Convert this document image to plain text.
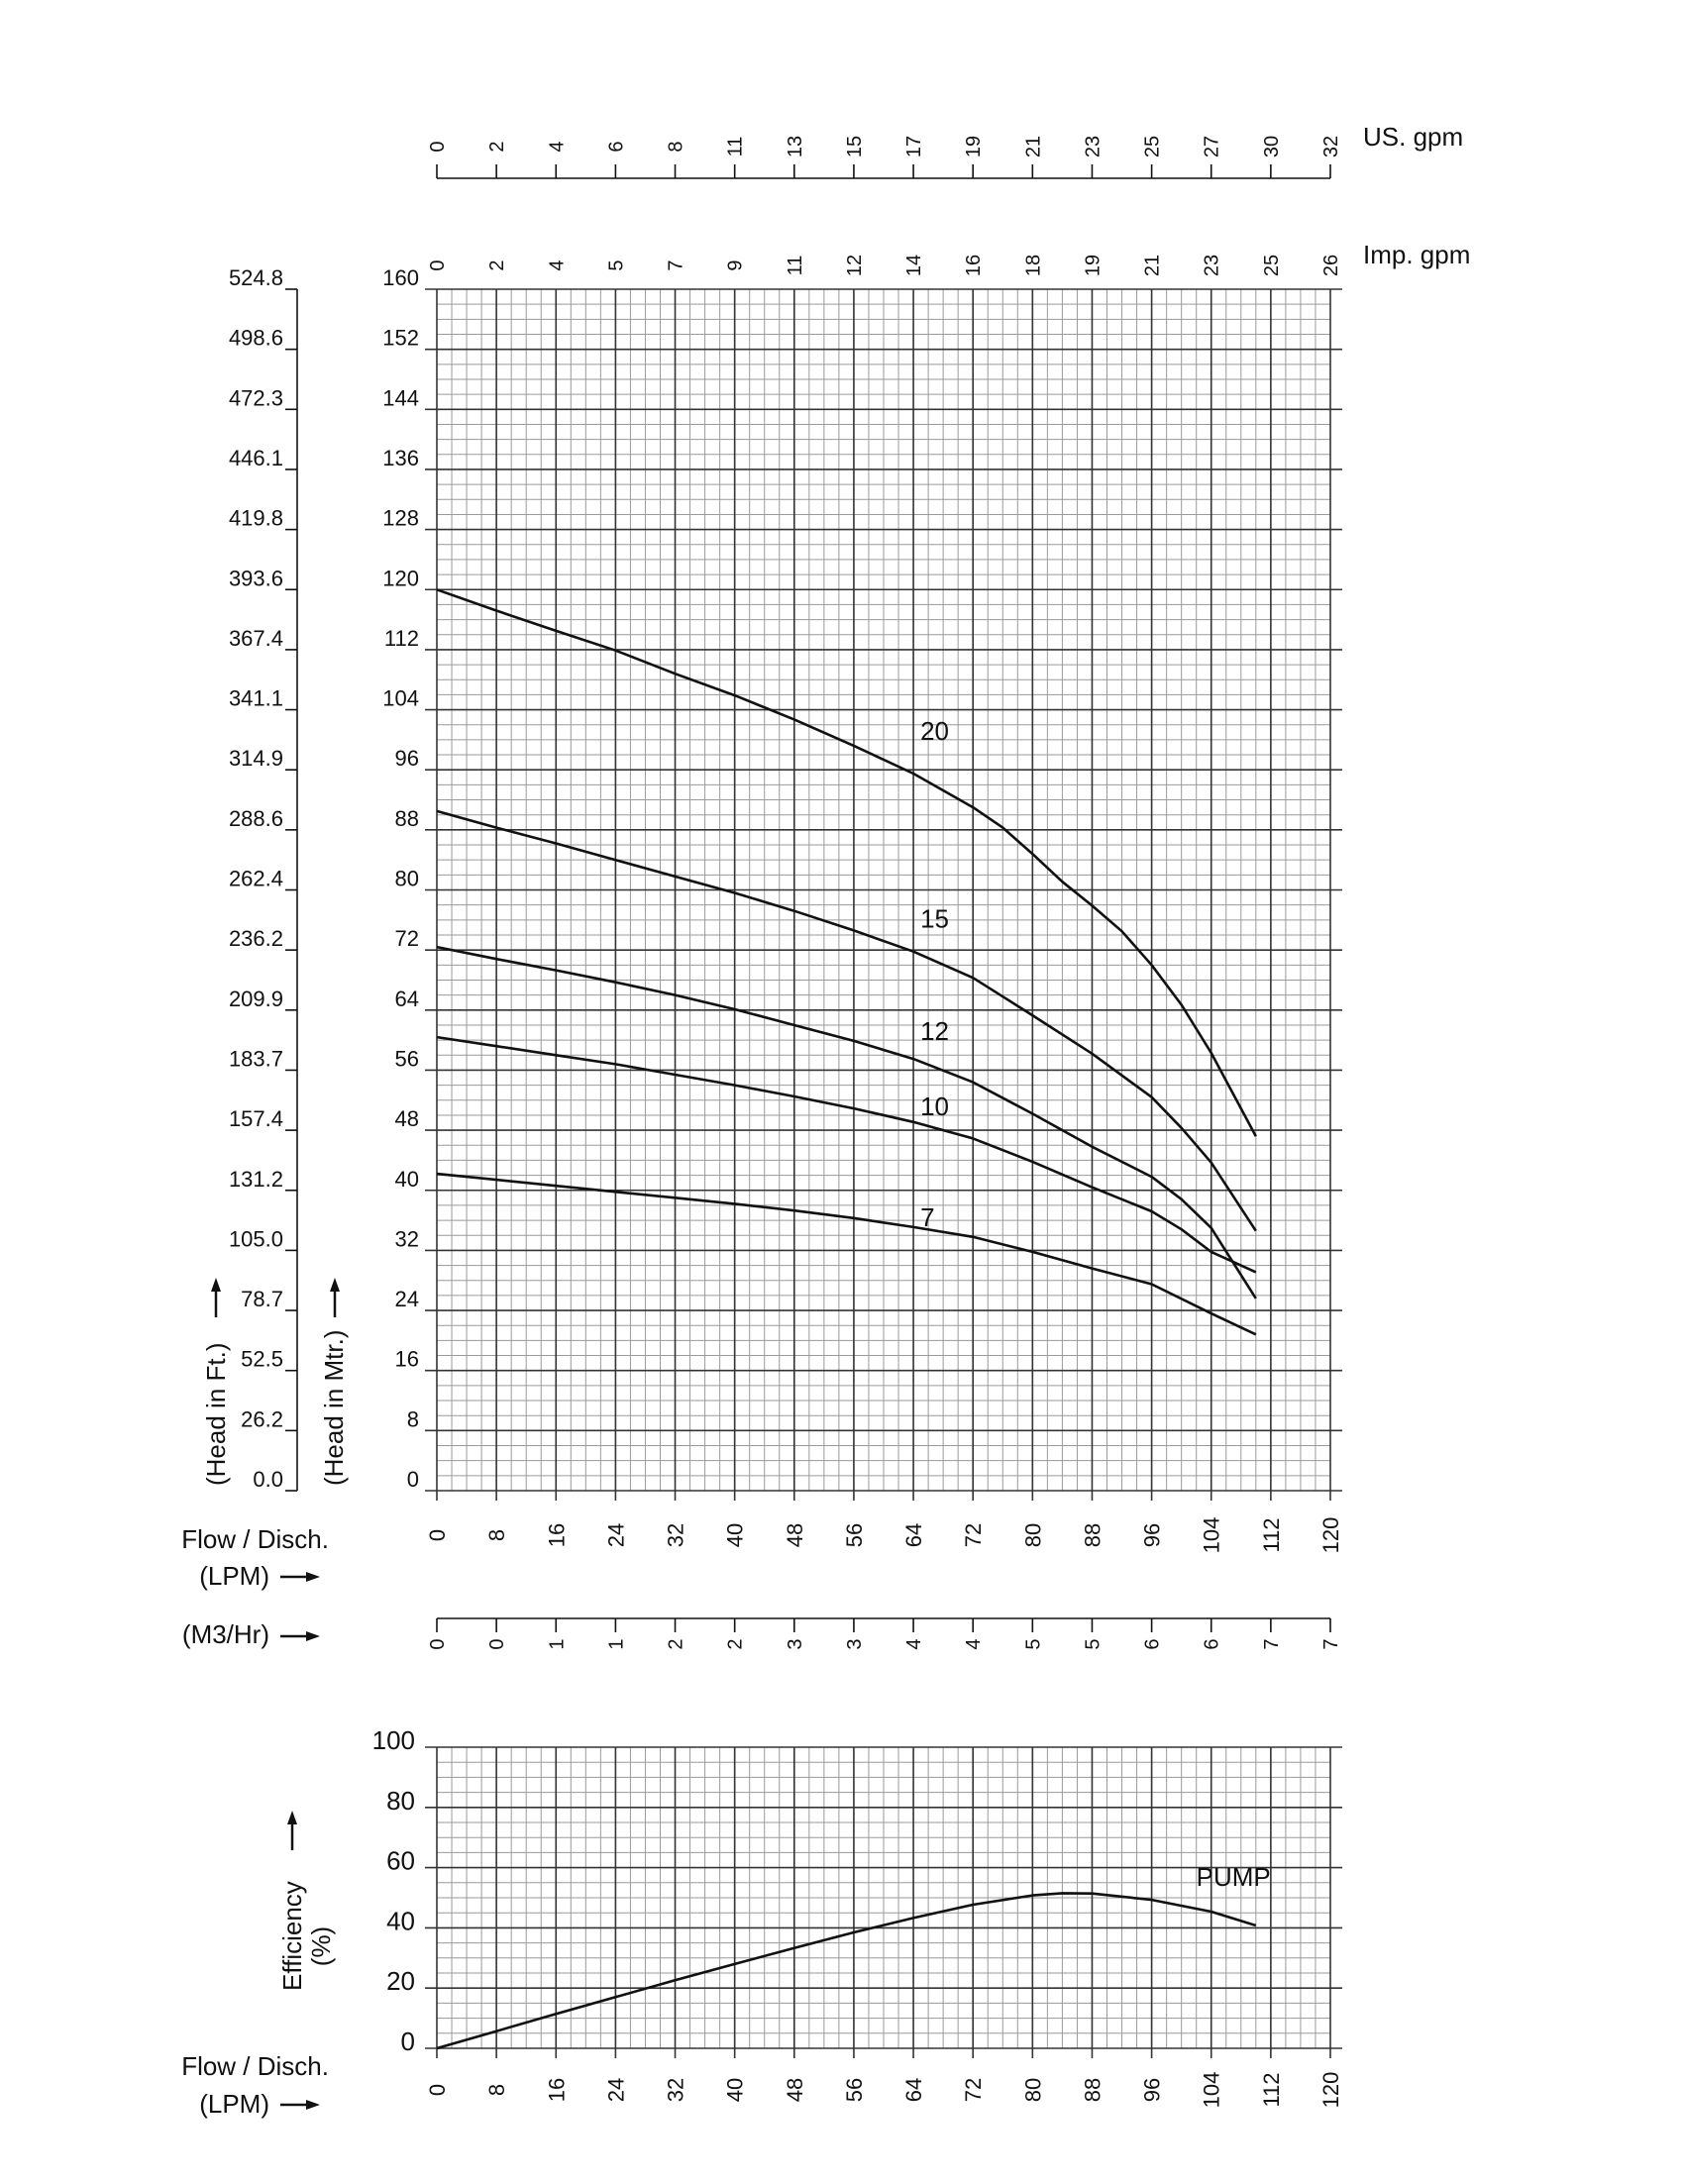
0
8
16
24
32
40
48
56
64
72
80
88
96
104
112
120
128
136
144
152
160
0.0
26.2
52.5
78.7
105.0
131.2
157.4
183.7
209.9
236.2
262.4
288.6
314.9
341.1
367.4
393.6
419.8
446.1
472.3
498.6
524.8
0 8 16 24 32 40 48 56 64 72 80 88 96 104 112 120
0 2 4 5 7 9 11 12 14 16 18 19 21 23 25 26 Imp. gpm
0 2 4 6 8 11 13 15 17 19 21 23 25 27 30 32 US. gpm
0 0 1 1 2 2 3 3 4 4 5 5 6 6 7 7
Flow / Disch.
(LPM)
(M3/Hr)
(Head in Ft.)	(Head in Mtr.)
20
15
12
10
7
0
20
40
60
80
100
0 8 16 24 32 40 48 56 64 72 80 88 96 104 112 120
Efficiency (%)
Flow / Disch.
(LPM)
PUMP
